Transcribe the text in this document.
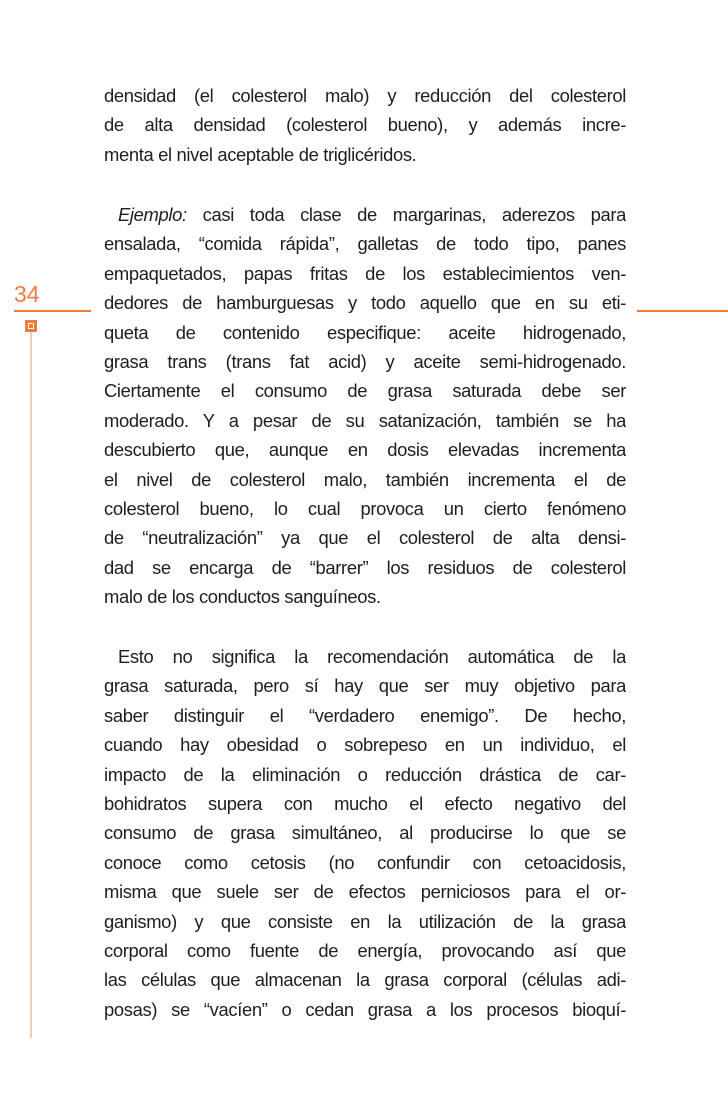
34
densidad (el colesterol malo) y reducción del colesterol
de alta densidad (colesterol bueno), y además incre-
menta el nivel aceptable de triglicéridos.
Ejemplo: casi toda clase de margarinas, aderezos para
ensalada, “comida rápida”, galletas de todo tipo, panes
empaquetados, papas fritas de los establecimientos ven-
dedores de hamburguesas y todo aquello que en su eti-
queta de contenido especifique: aceite hidrogenado,
grasa trans (trans fat acid) y aceite semi-hidrogenado.
Ciertamente el consumo de grasa saturada debe ser
moderado. Y a pesar de su satanización, también se ha
descubierto que, aunque en dosis elevadas incrementa
el nivel de colesterol malo, también incrementa el de
colesterol bueno, lo cual provoca un cierto fenómeno
de “neutralización” ya que el colesterol de alta densi-
dad se encarga de “barrer” los residuos de colesterol
malo de los conductos sanguíneos.
Esto no significa la recomendación automática de la
grasa saturada, pero sí hay que ser muy objetivo para
saber distinguir el “verdadero enemigo”. De hecho,
cuando hay obesidad o sobrepeso en un individuo, el
impacto de la eliminación o reducción drástica de car-
bohidratos supera con mucho el efecto negativo del
consumo de grasa simultáneo, al producirse lo que se
conoce como cetosis (no confundir con cetoacidosis,
misma que suele ser de efectos perniciosos para el or-
ganismo) y que consiste en la utilización de la grasa
corporal como fuente de energía, provocando así que
las células que almacenan la grasa corporal (células adi-
posas) se “vacíen” o cedan grasa a los procesos bioquí-
